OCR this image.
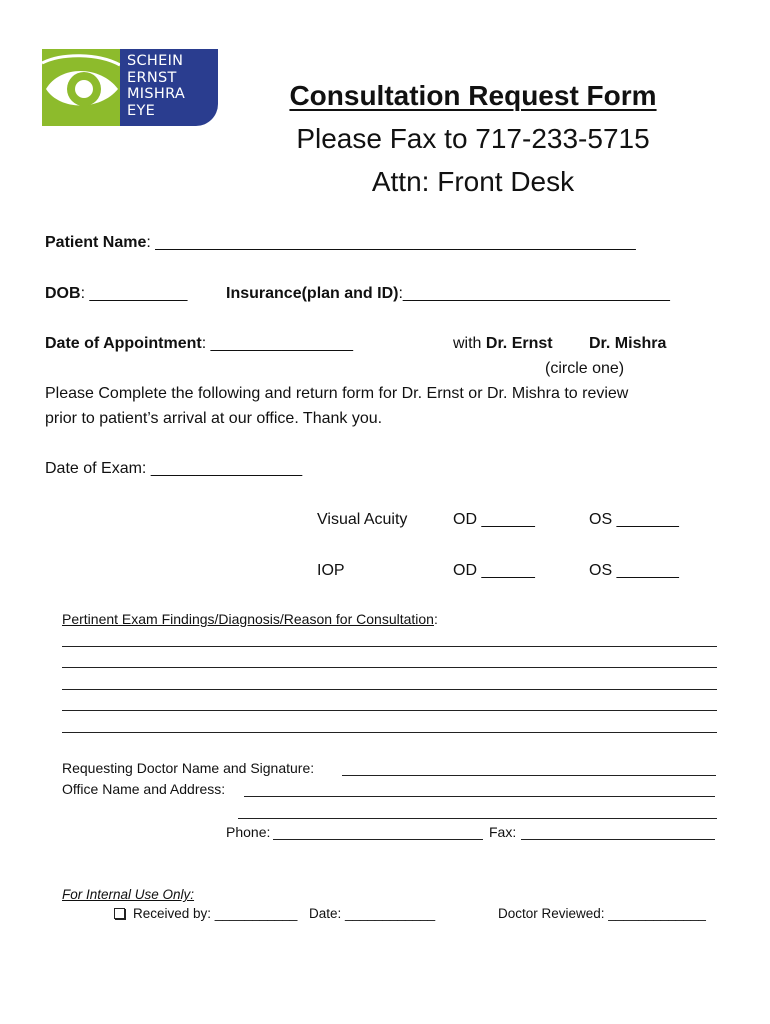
SCHEIN
ERNST
MISHRA
EYE	Consultation Request Form
Please Fax to 717-233-5715
Attn: Front Desk
Patient Name: ______________________________________________________
DOB: ___________ Insurance(plan and ID):______________________________
Date of Appointment: ________________	with Dr. Ernst Dr. Mishra
(circle one)
Please Complete the following and return form for Dr. Ernst or Dr. Mishra to review
prior to patient’s arrival at our office. Thank you.
Date of Exam: _________________
Visual Acuity	OD ______	OS _______
IOP	OD ______	OS _______
Pertinent Exam Findings/Diagnosis/Reason for Consultation:
Requesting Doctor Name and Signature:
Office Name and Address:
Phone:	Fax:
For Internal Use Only:
Received by: ___________ Date: ____________	Doctor Reviewed: _____________
